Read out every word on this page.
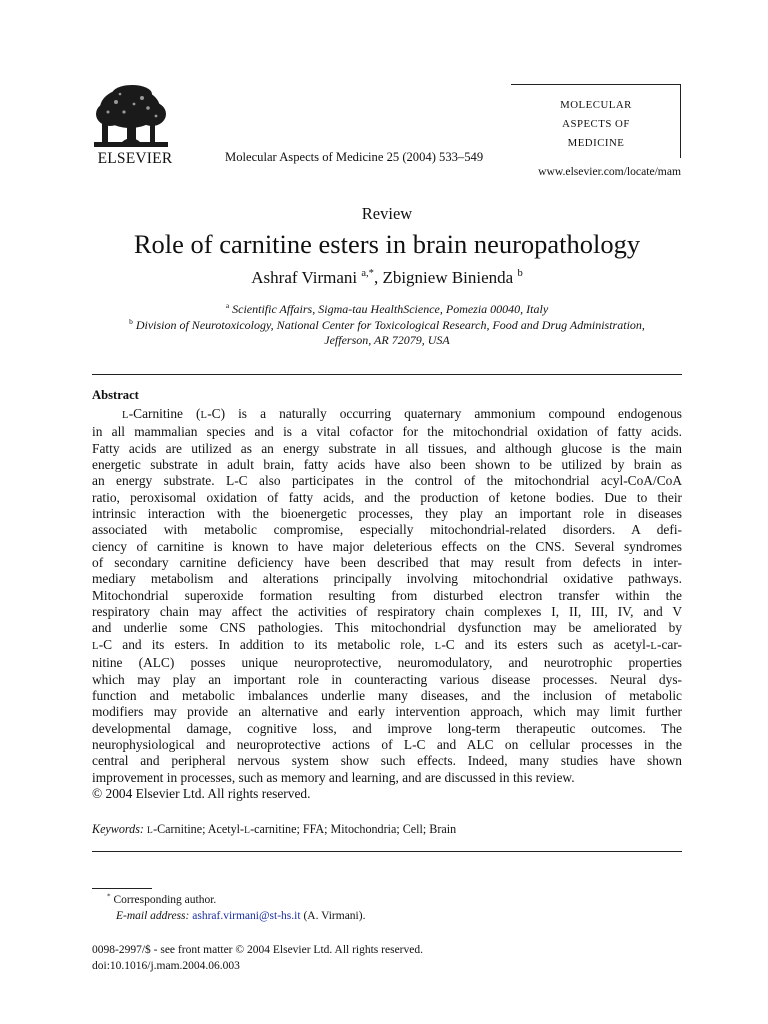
ELSEVIER	Molecular Aspects of Medicine 25 (2004) 533–549
MOLECULAR
ASPECTS OF
MEDICINE
www.elsevier.com/locate/mam
Review
Role of carnitine esters in brain neuropathology
Ashraf Virmani $^{a,*}$, Zbigniew Binienda $^b$
$^a$ Scientific Affairs, Sigma-tau HealthScience, Pomezia 00040, Italy
$^b$ Division of Neurotoxicology, National Center for Toxicological Research, Food and Drug Administration,
Jefferson, AR 72079, USA
Abstract
L-Carnitine (L-C) is a naturally occurring quaternary ammonium compound endogenous
in all mammalian species and is a vital cofactor for the mitochondrial oxidation of fatty acids.
Fatty acids are utilized as an energy substrate in all tissues, and although glucose is the main
energetic substrate in adult brain, fatty acids have also been shown to be utilized by brain as
an energy substrate. L-C also participates in the control of the mitochondrial acyl-CoA/CoA
ratio, peroxisomal oxidation of fatty acids, and the production of ketone bodies. Due to their
intrinsic interaction with the bioenergetic processes, they play an important role in diseases
associated with metabolic compromise, especially mitochondrial-related disorders. A defi-
ciency of carnitine is known to have major deleterious effects on the CNS. Several syndromes
of secondary carnitine deficiency have been described that may result from defects in inter-
mediary metabolism and alterations principally involving mitochondrial oxidative pathways.
Mitochondrial superoxide formation resulting from disturbed electron transfer within the
respiratory chain may affect the activities of respiratory chain complexes I, II, III, IV, and V
and underlie some CNS pathologies. This mitochondrial dysfunction may be ameliorated by
L-C and its esters. In addition to its metabolic role, L-C and its esters such as acetyl-L-car-
nitine (ALC) posses unique neuroprotective, neuromodulatory, and neurotrophic properties
which may play an important role in counteracting various disease processes. Neural dys-
function and metabolic imbalances underlie many diseases, and the inclusion of metabolic
modifiers may provide an alternative and early intervention approach, which may limit further
developmental damage, cognitive loss, and improve long-term therapeutic outcomes. The
neurophysiological and neuroprotective actions of L-C and ALC on cellular processes in the
central and peripheral nervous system show such effects. Indeed, many studies have shown
improvement in processes, such as memory and learning, and are discussed in this review.
© 2004 Elsevier Ltd. All rights reserved.
Keywords: L-Carnitine; Acetyl-L-carnitine; FFA; Mitochondria; Cell; Brain
* Corresponding author.
E-mail address: ashraf.virmani@st-hs.it (A. Virmani).
0098-2997/$ - see front matter © 2004 Elsevier Ltd. All rights reserved.
doi:10.1016/j.mam.2004.06.003
